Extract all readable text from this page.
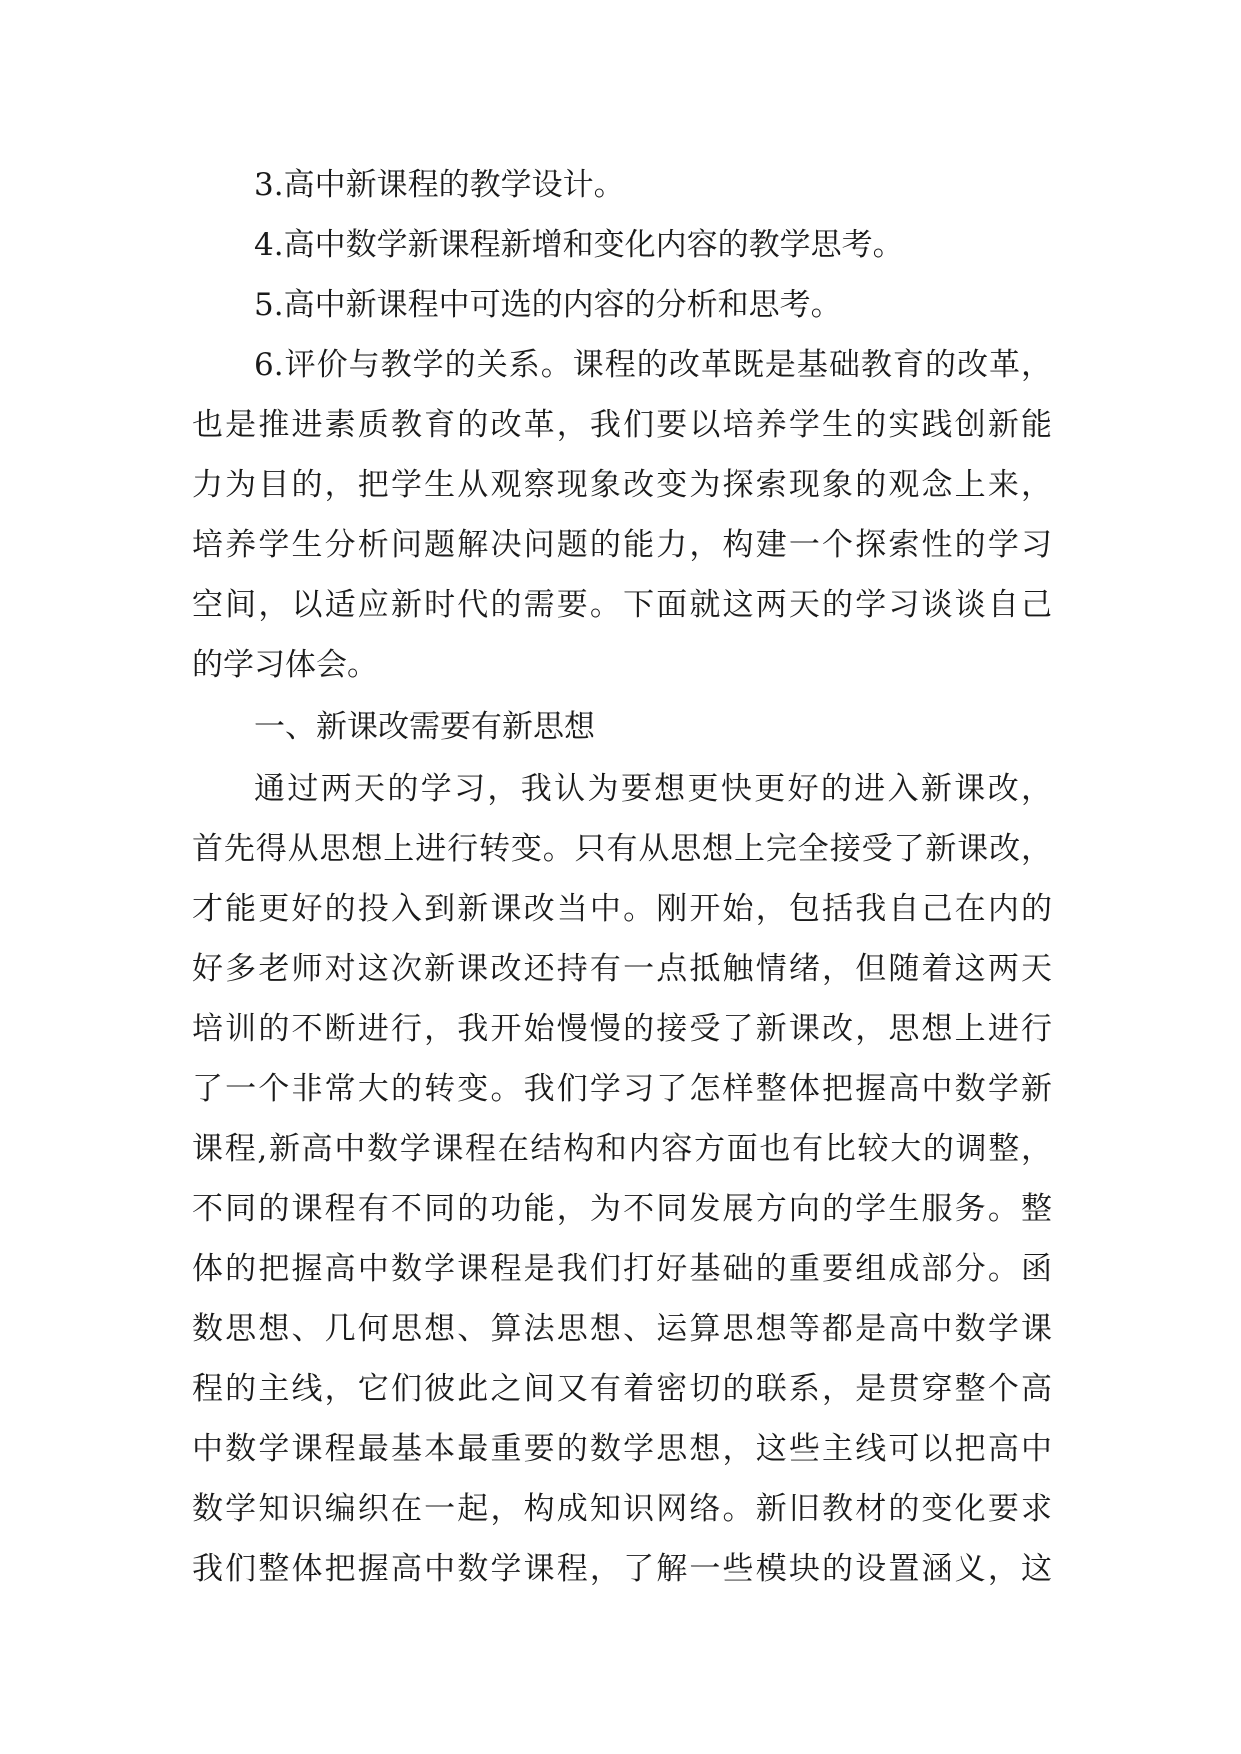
3.高中新课程的教学设计。
4.高中数学新课程新增和变化内容的教学思考。
5.高中新课程中可选的内容的分析和思考。
6.评价与教学的关系。课程的改革既是基础教育的改革，
也是推进素质教育的改革，我们要以培养学生的实践创新能
力为目的，把学生从观察现象改变为探索现象的观念上来，
培养学生分析问题解决问题的能力，构建一个探索性的学习
空间，以适应新时代的需要。下面就这两天的学习谈谈自己
的学习体会。
一、新课改需要有新思想
通过两天的学习，我认为要想更快更好的进入新课改，
首先得从思想上进行转变。只有从思想上完全接受了新课改，
才能更好的投入到新课改当中。刚开始，包括我自己在内的
好多老师对这次新课改还持有一点抵触情绪，但随着这两天
培训的不断进行，我开始慢慢的接受了新课改，思想上进行
了一个非常大的转变。我们学习了怎样整体把握高中数学新
课程,新高中数学课程在结构和内容方面也有比较大的调整，
不同的课程有不同的功能，为不同发展方向的学生服务。整
体的把握高中数学课程是我们打好基础的重要组成部分。函
数思想、几何思想、算法思想、运算思想等都是高中数学课
程的主线，它们彼此之间又有着密切的联系，是贯穿整个高
中数学课程最基本最重要的数学思想，这些主线可以把高中
数学知识编织在一起，构成知识网络。新旧教材的变化要求
我们整体把握高中数学课程，了解一些模块的设置涵义，这
